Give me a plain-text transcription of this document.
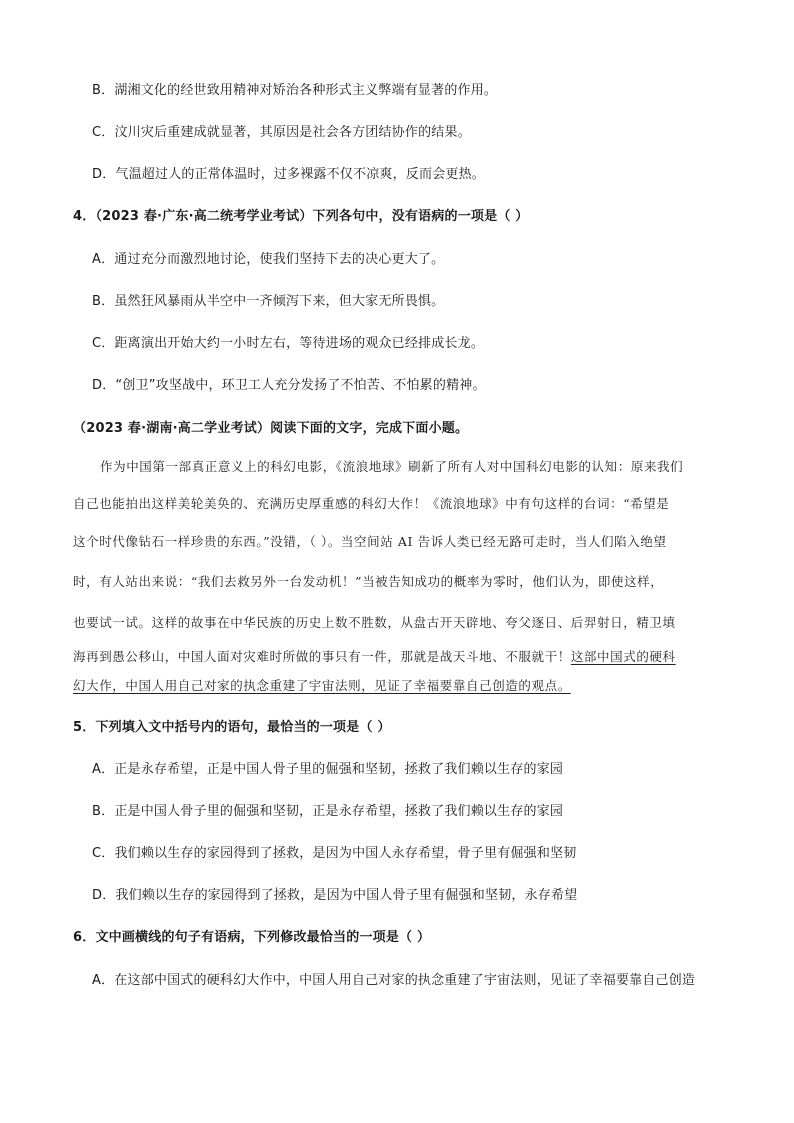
B．湖湘文化的经世致用精神对矫治各种形式主义弊端有显著的作用。
C．汶川灾后重建成就显著，其原因是社会各方团结协作的结果。
D．气温超过人的正常体温时，过多裸露不仅不凉爽，反而会更热。
4．（2023 春·广东·高二统考学业考试）下列各句中，没有语病的一项是（ ）
A．通过充分而激烈地讨论，使我们坚持下去的决心更大了。
B．虽然狂风暴雨从半空中一齐倾泻下来，但大家无所畏惧。
C．距离演出开始大约一小时左右，等待进场的观众已经排成长龙。
D．“创卫”攻坚战中，环卫工人充分发扬了不怕苦、不怕累的精神。
（2023 春·湖南·高二学业考试）阅读下面的文字，完成下面小题。
作为中国第一部真正意义上的科幻电影，《流浪地球》刷新了所有人对中国科幻电影的认知：原来我们
自己也能拍出这样美轮美奂的、充满历史厚重感的科幻大作！《流浪地球》中有句这样的台词：“希望是
这个时代像钻石一样珍贵的东西。”没错，（ ）。当空间站 AI 告诉人类已经无路可走时，当人们陷入绝望
时，有人站出来说：“我们去救另外一台发动机！”当被告知成功的概率为零时，他们认为，即使这样，
也要试一试。这样的故事在中华民族的历史上数不胜数，从盘古开天辟地、夸父逐日、后羿射日，精卫填
海再到愚公移山，中国人面对灾难时所做的事只有一件，那就是战天斗地、不服就干！这部中国式的硬科
幻大作，中国人用自己对家的执念重建了宇宙法则，见证了幸福要靠自己创造的观点。
5．下列填入文中括号内的语句，最恰当的一项是（ ）
A．正是永存希望，正是中国人骨子里的倔强和坚韧，拯救了我们赖以生存的家园
B．正是中国人骨子里的倔强和坚韧，正是永存希望，拯救了我们赖以生存的家园
C．我们赖以生存的家园得到了拯救，是因为中国人永存希望，骨子里有倔强和坚韧
D．我们赖以生存的家园得到了拯救，是因为中国人骨子里有倔强和坚韧，永存希望
6．文中画横线的句子有语病，下列修改最恰当的一项是（ ）
A．在这部中国式的硬科幻大作中，中国人用自己对家的执念重建了宇宙法则，见证了幸福要靠自己创造
